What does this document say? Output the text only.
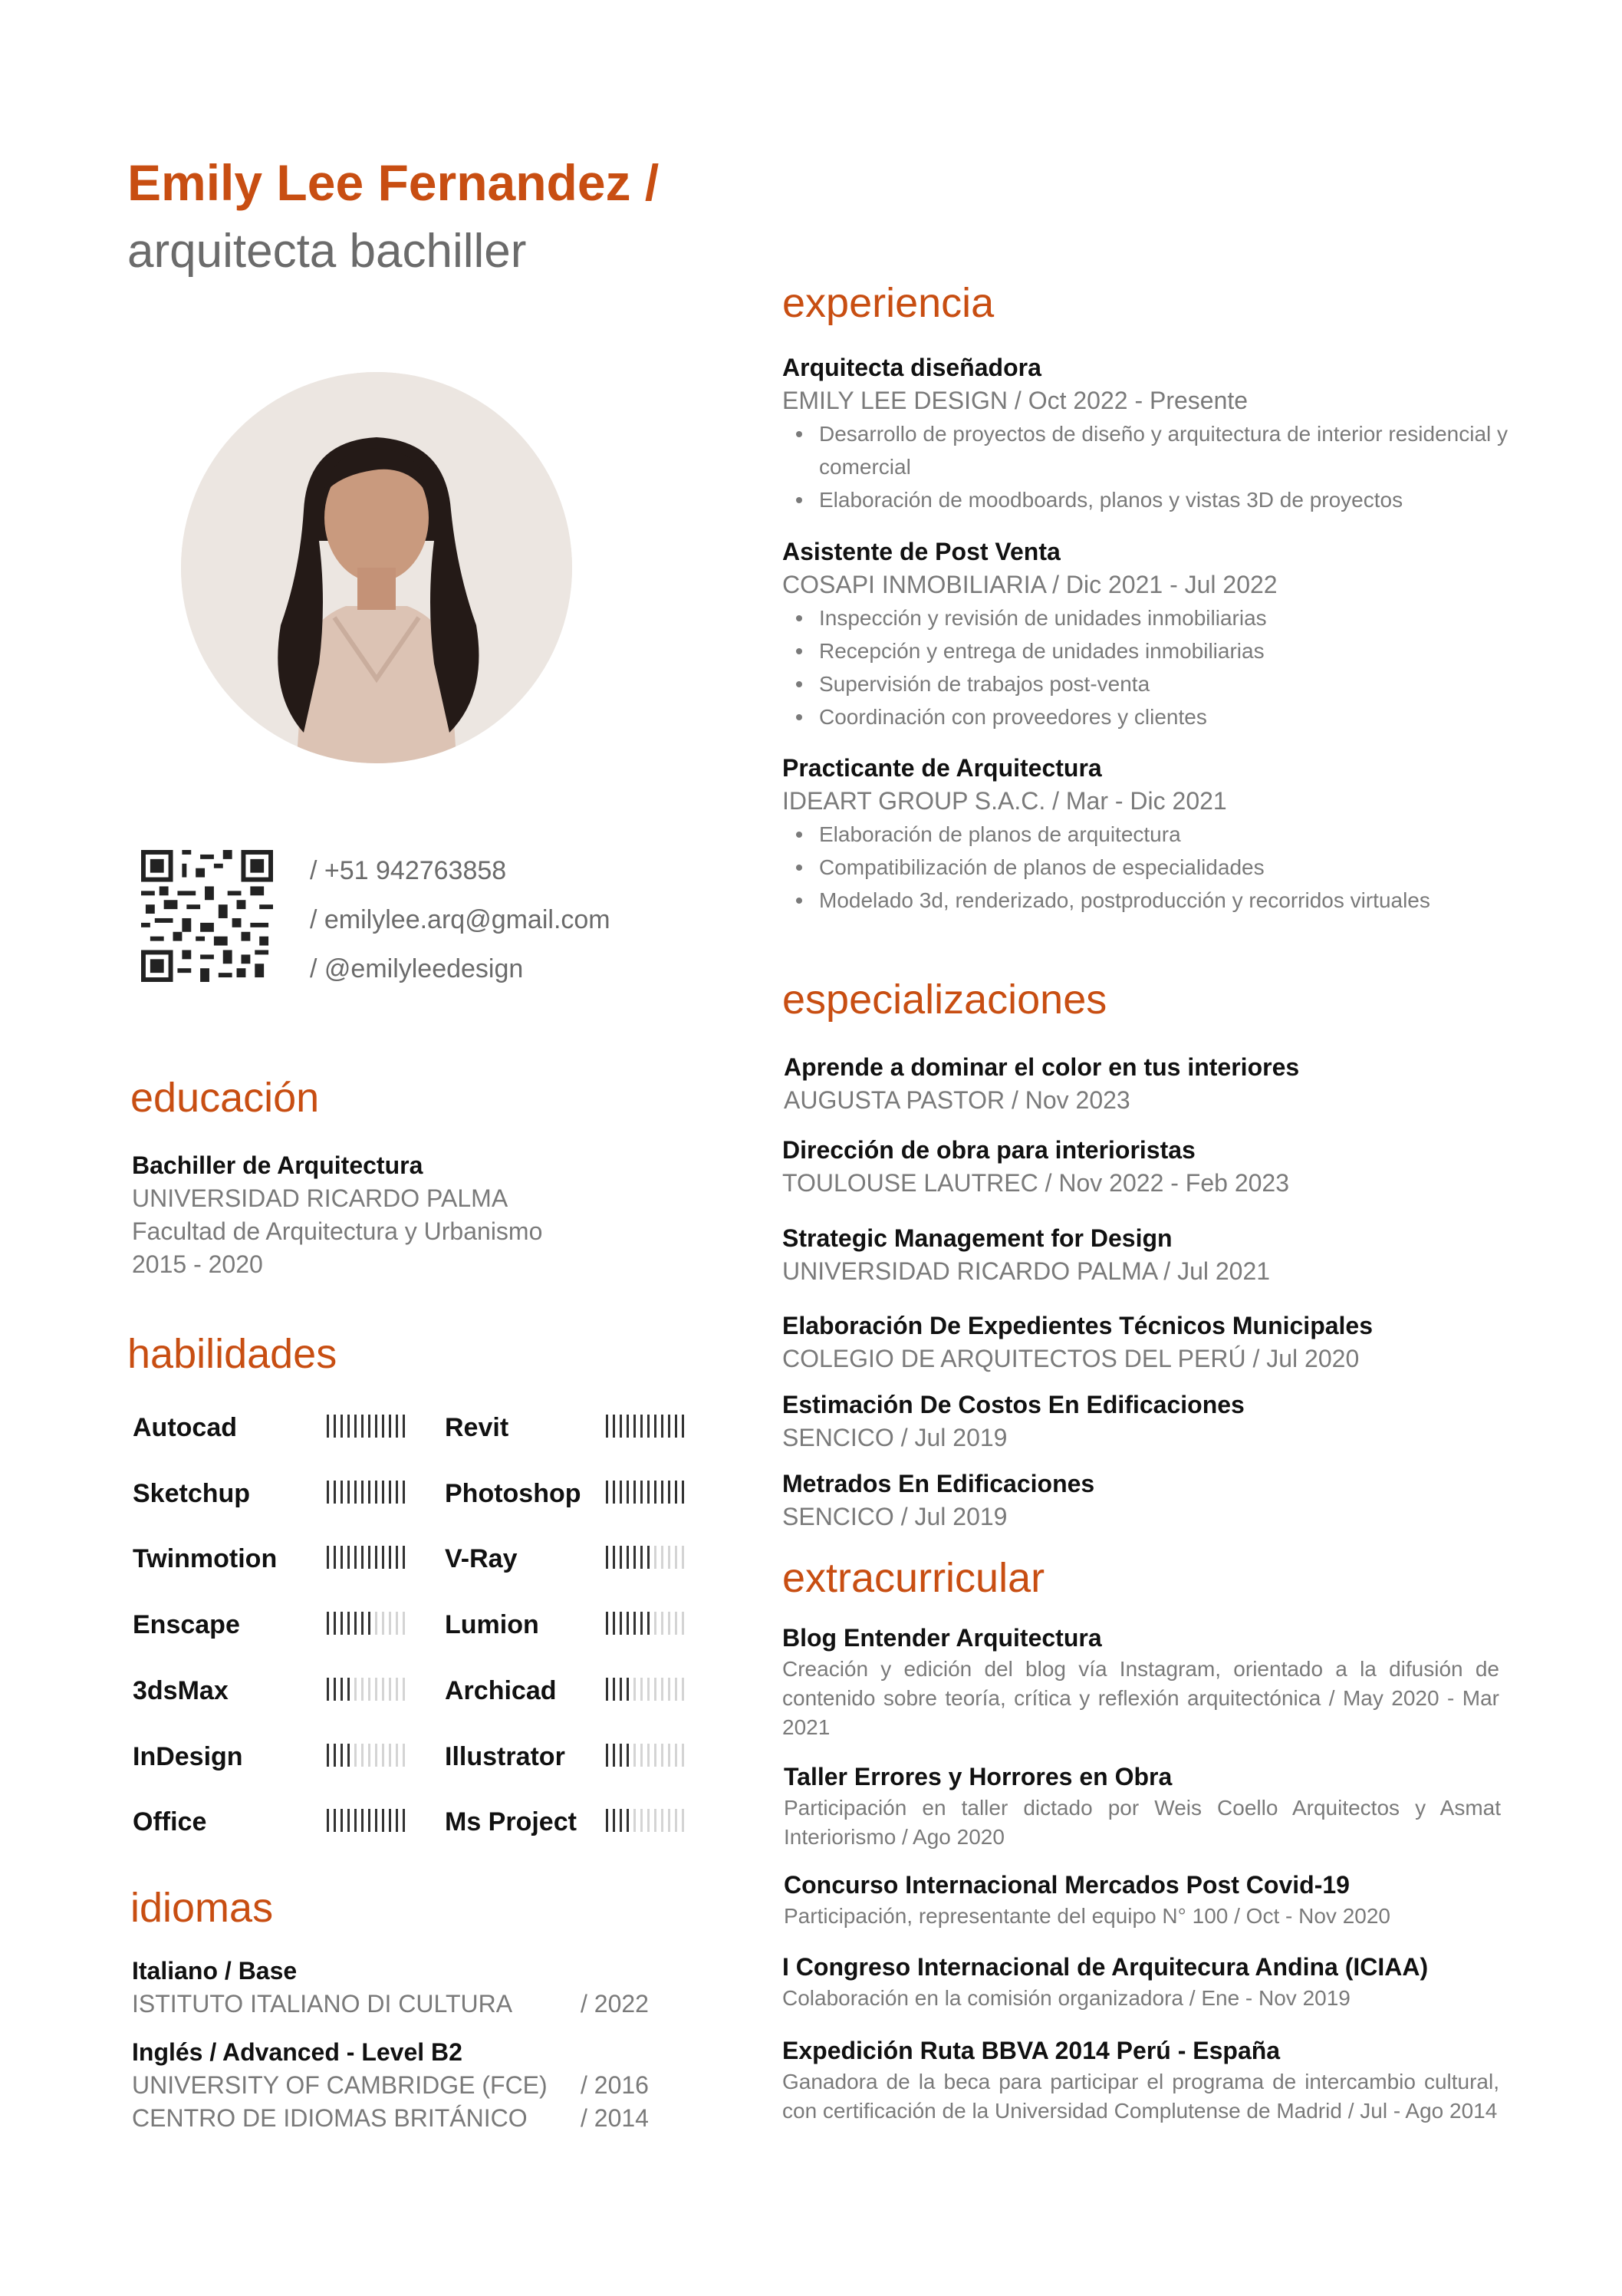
Emily Lee Fernandez /
arquitecta bachiller
/ +51 942763858
/ emilylee.arq@gmail.com
/ @emilyleedesign
educación
Bachiller de Arquitectura
UNIVERSIDAD RICARDO PALMA
Facultad de Arquitectura y Urbanismo
2015 - 2020
habilidades
Autocad	Revit
Sketchup	Photoshop
Twinmotion	V-Ray
Enscape	Lumion
3dsMax	Archicad
InDesign	Illustrator
Office	Ms Project
idiomas
Italiano / Base
ISTITUTO ITALIANO DI CULTURA	/ 2022
Inglés / Advanced - Level B2
UNIVERSITY OF CAMBRIDGE (FCE)	/ 2016
CENTRO DE IDIOMAS BRITÁNICO	/ 2014
experiencia
Arquitecta diseñadora
EMILY LEE DESIGN / Oct 2022 - Presente
Desarrollo de proyectos de diseño y arquitectura de interior residencial y comercial
Elaboración de moodboards, planos y vistas 3D de proyectos
Asistente de Post Venta
COSAPI INMOBILIARIA / Dic 2021 - Jul 2022
Inspección y revisión de unidades inmobiliarias
Recepción y entrega de unidades inmobiliarias
Supervisión de trabajos post-venta
Coordinación con proveedores y clientes
Practicante de Arquitectura
IDEART GROUP S.A.C. / Mar - Dic 2021
Elaboración de planos de arquitectura
Compatibilización de planos de especialidades
Modelado 3d, renderizado, postproducción y recorridos virtuales
especializaciones
Aprende a dominar el color en tus interiores
AUGUSTA PASTOR / Nov 2023
Dirección de obra para interioristas
TOULOUSE LAUTREC / Nov 2022 - Feb 2023
Strategic Management for Design
UNIVERSIDAD RICARDO PALMA / Jul 2021
Elaboración De Expedientes Técnicos Municipales
COLEGIO DE ARQUITECTOS DEL PERÚ / Jul 2020
Estimación De Costos En Edificaciones
SENCICO / Jul 2019
Metrados En Edificaciones
SENCICO / Jul 2019
extracurricular
Blog Entender Arquitectura
Creación y edición del blog vía Instagram, orientado a la difusión de contenido sobre teoría, crítica y reflexión arquitectónica / May 2020 - Mar 2021
Taller Errores y Horrores en Obra
Participación en taller dictado por Weis Coello Arquitectos y Asmat Interiorismo / Ago 2020
Concurso Internacional Mercados Post Covid-19
Participación, representante del equipo N° 100 / Oct - Nov 2020
I Congreso Internacional de Arquitecura Andina (ICIAA)
Colaboración en la comisión organizadora / Ene - Nov 2019
Expedición Ruta BBVA 2014 Perú - España
Ganadora de la beca para participar el programa de intercambio cultural, con certificación de la Universidad Complutense de Madrid / Jul - Ago 2014
